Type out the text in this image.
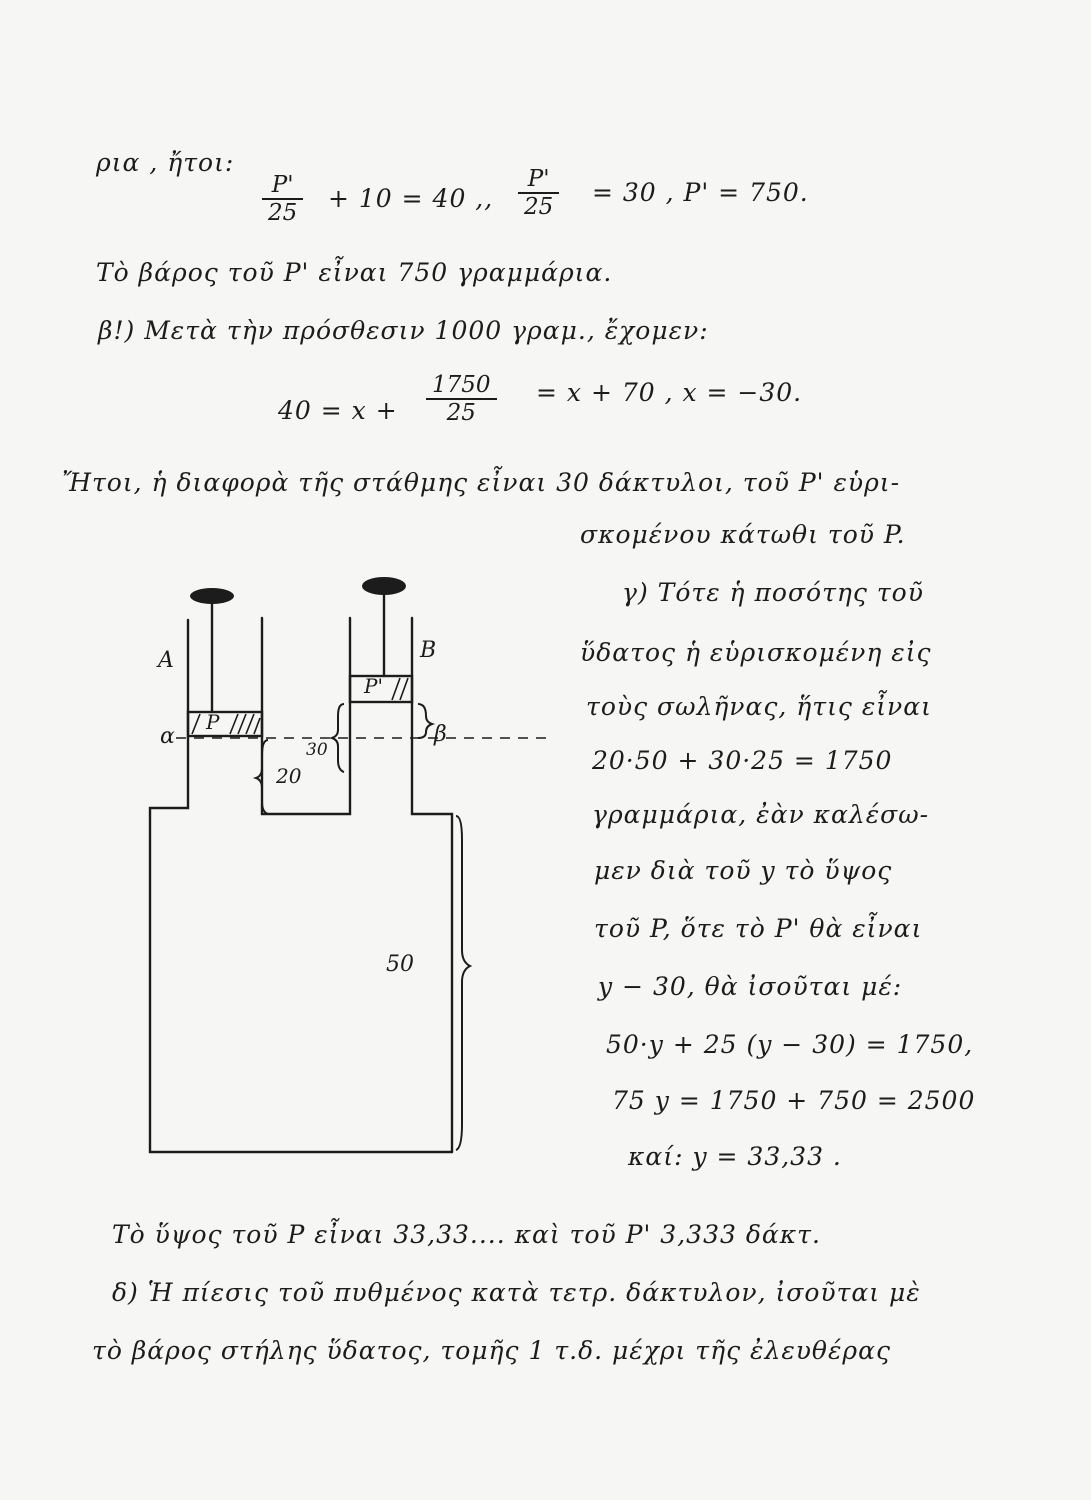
ρια , ἤτοι:
$\frac{P'}{25} + 10 = 40$ ,, $\frac{P'}{25} = 30$ , P' = 750.
Τὸ βάρος τοῦ P' εἶναι 750 γραμμάρια.
β!) Μετὰ τὴν πρόσθεσιν 1000 γραμ., ἔχομεν:
$40 = x + \frac{1750}{25} = x + 70$ , x = −30.
Ἤτοι, ἡ διαφορὰ τῆς στάθμης εἶναι 30 δάκτυλοι, τοῦ P' εὑρι-
σκομένου κάτωθι τοῦ P.
γ) Τότε ἡ ποσότης τοῦ
ὕδατος ἡ εὑρισκομένη εἰς
τοὺς σωλῆνας, ἥτις εἶναι
20·50 + 30·25 = 1750
γραμμάρια, ἐὰν καλέσω-
μεν διὰ τοῦ y τὸ ὕψος
τοῦ P, ὅτε τὸ P' θὰ εἶναι
y − 30, θὰ ἰσοῦται μέ:
50·y + 25 (y − 30) = 1750,
75 y = 1750 + 750 = 2500
καί: y = 33,33 .
Τὸ ὕψος τοῦ P εἶναι 33,33.... καὶ τοῦ P' 3,333 δάκτ.
δ) Ἡ πίεσις τοῦ πυθμένος κατὰ τετρ. δάκτυλον, ἰσοῦται μὲ
τὸ βάρος στήλης ὕδατος, τομῆς 1 τ.δ. μέχρι τῆς ἐλευθέρας
A	B
α	β
P
P'
30
20
50
